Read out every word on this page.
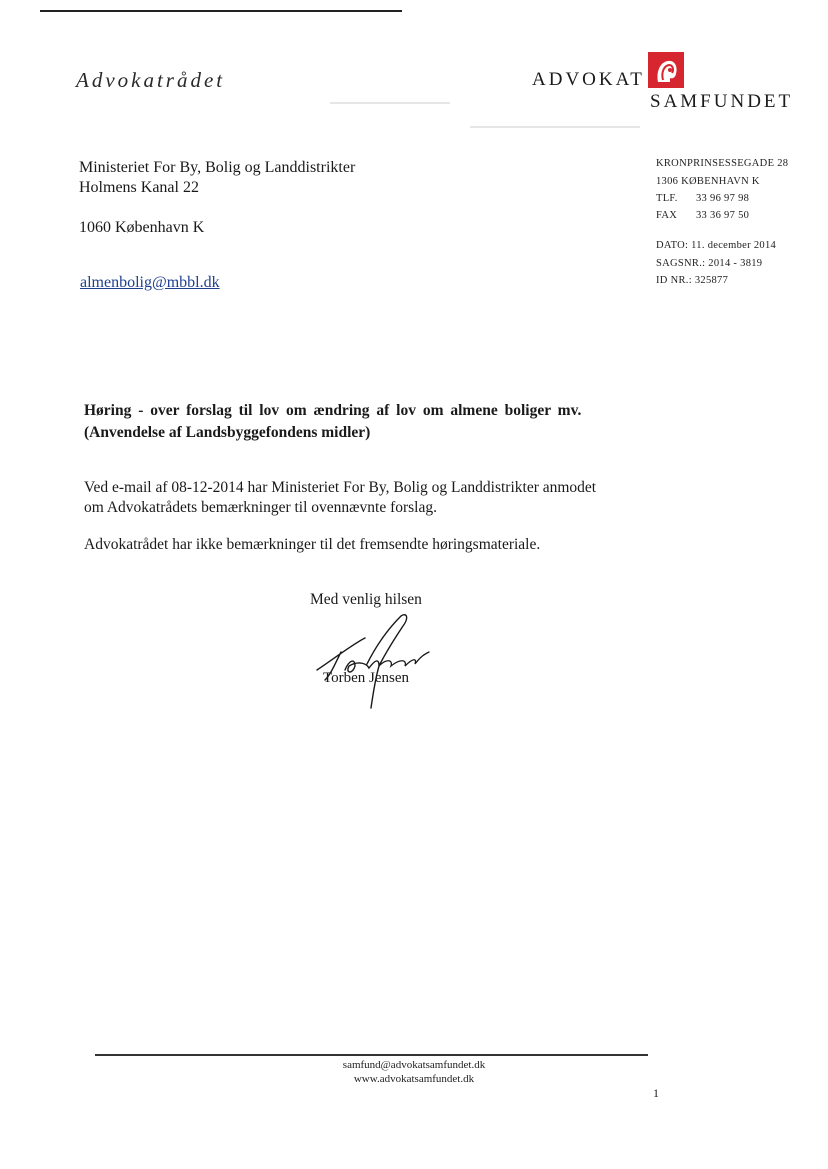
Advokatrådet	ADVOKAT
SAMFUNDET
Ministeriet For By, Bolig og Landdistrikter
Holmens Kanal 22
1060 København K
almenbolig@mbbl.dk
KRONPRINSESSEGADE 28
1306 KØBENHAVN K
TLF. 33 96 97 98
FAX 33 36 97 50
DATO: 11. december 2014
SAGSNR.: 2014 - 3819
ID NR.: 325877
Høring - over forslag til lov om ændring af lov om almene boliger mv.
(Anvendelse af Landsbyggefondens midler)
Ved e-mail af 08-12-2014 har Ministeriet For By, Bolig og Landdistrikter anmodet
om Advokatrådets bemærkninger til ovennævnte forslag.
Advokatrådet har ikke bemærkninger til det fremsendte høringsmateriale.
Med venlig hilsen
Torben Jensen
samfund@advokatsamfundet.dk
www.advokatsamfundet.dk
1
